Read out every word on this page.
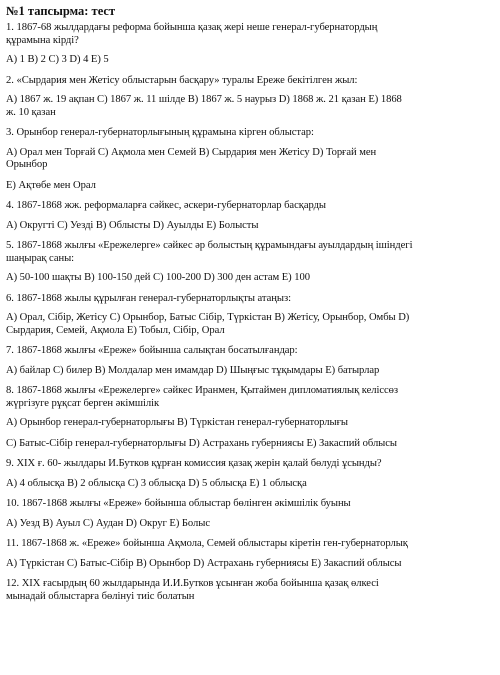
№1 тапсырма: тест
1. 1867-68 жылдардағы реформа бойынша қазақ жері неше генерал-губернатордың
құрамына кірді?
А) 1 В) 2 С) 3 D) 4 E) 5
2. «Сырдария мен Жетісу облыстарын басқару» туралы Ереже бекітілген жыл:
А) 1867 ж. 19 ақпан С) 1867 ж. 11 шілде В) 1867 ж. 5 наурыз D) 1868 ж. 21 қазан E) 1868
ж. 10 қазан
3. Орынбор генерал-губернаторлығының құрамына кірген облыстар:
А) Орал мен Торғай С) Ақмола мен Семей В) Сырдария мен Жетісу D) Торғай мен
Орынбор
Е) Ақтөбе мен Орал
4. 1867-1868 жж. реформаларға сәйкес, әскери-губернаторлар басқарды
А) Округті С) Уезді В) Облысты D) Ауылды E) Болысты
5. 1867-1868 жылғы «Ережелерге» сәйкес әр болыстың құрамындағы ауылдардың ішіндегі
шаңырақ саны:
А) 50-100 шақты В) 100-150 дей С) 100-200 D) 300 ден астам E) 100
6. 1867-1868 жылы құрылған генерал-губернаторлықты атаңыз:
А) Орал, Сібір, Жетісу С) Орынбор, Батыс Сібір, Түркістан В) Жетісу, Орынбор, Омбы D)
Сырдария, Семей, Ақмола E) Тобыл, Сібір, Орал
7. 1867-1868 жылғы «Ереже» бойынша салықтан босатылғандар:
А) байлар С) билер В) Молдалар мен имамдар D) Шыңғыс тұқымдары E) батырлар
8. 1867-1868 жылғы «Ережелерге» сәйкес Иранмен, Қытаймен дипломатиялық келіссөз
жүргізуге рұқсат берген әкімшілік
А) Орынбор генерал-губернаторлығы В) Түркістан генерал-губернаторлығы
С) Батыс-Сібір генерал-губернаторлығы D) Астрахань губерниясы E) Закаспий облысы
9. XIX ғ. 60- жылдары И.Бутков құрған комиссия қазақ жерін қалай бөлуді ұсынды?
А) 4 облысқа В) 2 облысқа С) 3 облысқа D) 5 облысқа E) 1 облысқа
10. 1867-1868 жылғы «Ереже» бойынша облыстар бөлінген әкімшілік буыны
А) Уезд В) Ауыл С) Аудан D) Округ E) Болыс
11. 1867-1868 ж. «Ереже» бойынша Ақмола, Семей облыстары кіретін ген-губернаторлық
А) Түркістан С) Батыс-Сібір В) Орынбор D) Астрахань губерниясы E) Закаспий облысы
12. XIX ғасырдың 60 жылдарында И.И.Бутков ұсынған жоба бойынша қазақ өлкесі
мынадай облыстарға бөлінуі тиіс болатын
